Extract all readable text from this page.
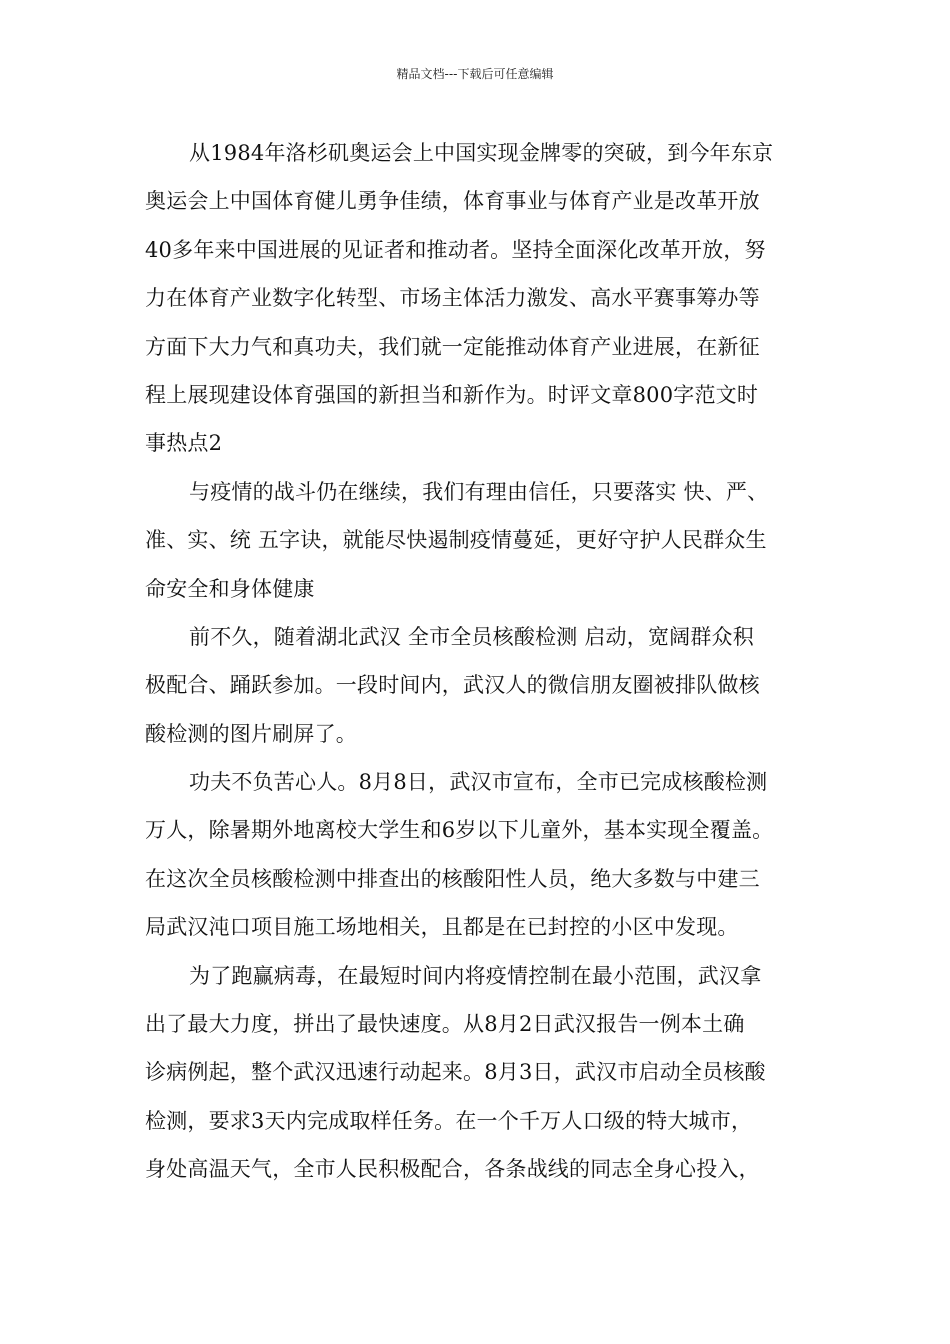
精品文档---下载后可任意编辑
从1984年洛杉矶奥运会上中国实现金牌零的突破，到今年东京
奥运会上中国体育健儿勇争佳绩，体育事业与体育产业是改革开放
40多年来中国进展的见证者和推动者。坚持全面深化改革开放，努
力在体育产业数字化转型、市场主体活力激发、高水平赛事筹办等
方面下大力气和真功夫，我们就一定能推动体育产业进展，在新征
程上展现建设体育强国的新担当和新作为。时评文章800字范文时
事热点2
与疫情的战斗仍在继续，我们有理由信任，只要落实 快、严、
准、实、统 五字诀，就能尽快遏制疫情蔓延，更好守护人民群众生
命安全和身体健康
前不久，随着湖北武汉 全市全员核酸检测 启动，宽阔群众积
极配合、踊跃参加。一段时间内，武汉人的微信朋友圈被排队做核
酸检测的图片刷屏了。
功夫不负苦心人。8月8日，武汉市宣布，全市已完成核酸检测
万人，除暑期外地离校大学生和6岁以下儿童外，基本实现全覆盖。
在这次全员核酸检测中排查出的核酸阳性人员，绝大多数与中建三
局武汉沌口项目施工场地相关，且都是在已封控的小区中发现。
为了跑赢病毒，在最短时间内将疫情控制在最小范围，武汉拿
出了最大力度，拼出了最快速度。从8月2日武汉报告一例本土确
诊病例起，整个武汉迅速行动起来。8月3日，武汉市启动全员核酸
检测，要求3天内完成取样任务。在一个千万人口级的特大城市，
身处高温天气，全市人民积极配合，各条战线的同志全身心投入，
